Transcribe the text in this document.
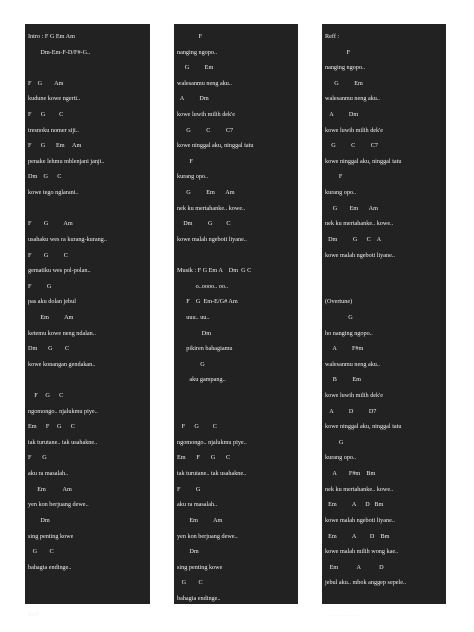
Intro : F G Em Am
Dm-Em-F-D/F#-G..
F    G        Am
kudune kowe ngerti..
F      G         C
tresnoku nomer siji..
F      G       Em     Am
penake lehmu mblenjani janji..
Dm    G      C
kowe tego nglarani..
F        G          Am
usahaku wes ra kurang-kurang..
F        G          C
gematiku wes pol-polan..
F          G
pas aku dolan jebul
Em          Am
ketemu kowe neng ndalan..
Dm       G        C
kowe konangan gendakan..
F     G      C
ngomongo.. njalukmu piye..
Em      F     G      C
tak turutane.. tak usahakne..
F       G
aku ra masalah..
Em           Am
yen kon berjuang dewe..
Dm
sing penting kowe
G        C
bahagia endinge..
Reff :
F
nanging ngopo..
G          Em
walesanmu neng aku..
A          Dm
kowe luwih milih dek'e
G          C          C7
kowe ninggal aku, ninggal tatu
F
kurang opo..
G          Em       Am
nek ku mertahanke.. kowe..
Dm          G         C
kowe malah ngeboti liyane..
Musik : F G Em A    Dm  G C
o..oooo.. oo..
F    G  Em-E/G# Am
uuu.. uu..
Dm
pikiren bahagiamu
G
aku gampang..
F      G         C
ngomongo.. njalukmu piye..
Em       F       G       C
tak turutane.. tak usahakne..
F          G
aku ra masalah..
Em          Am
yen kon berjuang dewe..
Dm
sing penting kowe
G        C
bahagia endinge..
Reff :
F
nanging ngopo..
G          Em
walesanmu neng aku..
A          Dm
kowe luwih milih dek'e
G          C          C7
kowe ninggal aku, ninggal tatu
F
kurang opo..
G        Em       Am
nek ku mertahanke.. kowe..
Dm          G      C    A
kowe malah ngeboti liyane..
(Overtune)
G
ho nanging ngopo..
A          F#m
walesanmu neng aku..
B          Em
kowe luwih milih dek'e
A          D          D7
kowe ninggal aku, ninggal tatu
G
kurang opo..
A        F#m    Bm
nek ku mertahanke.. kowe..
Em          A      D   Bm
kowe malah ngeboti liyane..
Em          A         D    Bm
kowe malah milih wong kae..
Em            A            D
jebul aku.. mbok anggep sepele..
..................
